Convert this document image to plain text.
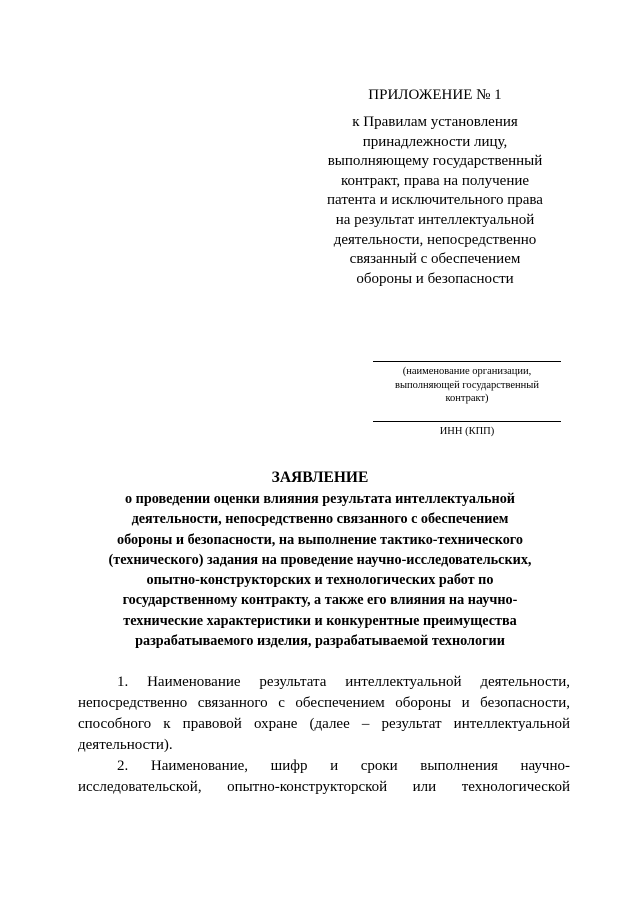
ПРИЛОЖЕНИЕ № 1
к Правилам установления
принадлежности лицу,
выполняющему государственный
контракт, права на получение
патента и исключительного права
на результат интеллектуальной
деятельности, непосредственно
связанный с обеспечением
обороны и безопасности
(наименование организации,
выполняющей государственный
контракт)
ИНН (КПП)
ЗАЯВЛЕНИЕ
о проведении оценки влияния результата интеллектуальной
деятельности, непосредственно связанного с обеспечением
обороны и безопасности, на выполнение тактико-технического
(технического) задания на проведение научно-исследовательских,
опытно-конструкторских и технологических работ по
государственному контракту, а также его влияния на научно-
технические характеристики и конкурентные преимущества
разрабатываемого изделия, разрабатываемой технологии
1. Наименование результата интеллектуальной деятельности,
непосредственно связанного с обеспечением обороны и безопасности,
способного к правовой охране (далее – результат интеллектуальной
деятельности).
2. Наименование, шифр и сроки выполнения научно-
исследовательской, опытно-конструкторской или технологической
